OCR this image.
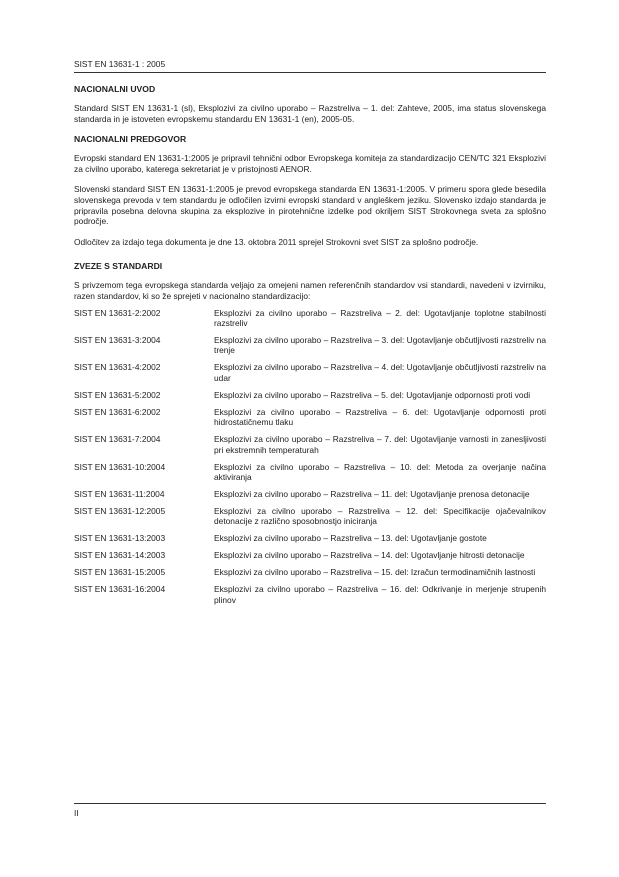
SIST EN 13631-1 : 2005
NACIONALNI UVOD

Standard SIST EN 13631-1 (sl), Eksplozivi za civilno uporabo – Razstreliva – 1. del: Zahteve, 2005, ima status slovenskega standarda in je istoveten evropskemu standardu EN 13631-1 (en), 2005-05.

NACIONALNI PREDGOVOR

Evropski standard EN 13631-1:2005 je pripravil tehnični odbor Evropskega komiteja za standardizacijo CEN/TC 321 Eksplozivi za civilno uporabo, katerega sekretariat je v pristojnosti AENOR.

Slovenski standard SIST EN 13631-1:2005 je prevod evropskega standarda EN 13631-1:2005. V primeru spora glede besedila slovenskega prevoda v tem standardu je odločilen izvirni evropski standard v angleškem jeziku. Slovensko izdajo standarda je pripravila posebna delovna skupina za eksplozive in pirotehnične izdelke pod okriljem SIST Strokovnega sveta za splošno področje.

Odločitev za izdajo tega dokumenta je dne 13. oktobra 2011 sprejel Strokovni svet SIST za splošno področje.

ZVEZE S STANDARDI

S privzemom tega evropskega standarda veljajo za omejeni namen referenčnih standardov vsi standardi, navedeni v izvirniku, razen standardov, ki so že sprejeti v nacionalno standardizacijo:

SIST EN 13631-2:2002	Eksplozivi za civilno uporabo – Razstreliva – 2. del: Ugotavljanje toplotne stabilnosti razstreliv
SIST EN 13631-3:2004	Eksplozivi za civilno uporabo – Razstreliva – 3. del: Ugotavljanje občutljivosti razstreliv na trenje
SIST EN 13631-4:2002	Eksplozivi za civilno uporabo – Razstreliva – 4. del: Ugotavljanje občutljivosti razstreliv na udar
SIST EN 13631-5:2002	Eksplozivi za civilno uporabo – Razstreliva – 5. del: Ugotavljanje odpornosti proti vodi
SIST EN 13631-6:2002	Eksplozivi za civilno uporabo – Razstreliva – 6. del: Ugotavljanje odpornosti proti hidrostatičnemu tlaku
SIST EN 13631-7:2004	Eksplozivi za civilno uporabo – Razstreliva – 7. del: Ugotavljanje varnosti in zanesljivosti pri ekstremnih temperaturah
SIST EN 13631-10:2004	Eksplozivi za civilno uporabo – Razstreliva – 10. del: Metoda za overjanje načina aktiviranja
SIST EN 13631-11:2004	Eksplozivi za civilno uporabo – Razstreliva – 11. del: Ugotavljanje prenosa detonacije
SIST EN 13631-12:2005	Eksplozivi za civilno uporabo – Razstreliva – 12. del: Specifikacije ojačevalnikov detonacije z različno sposobnostjo iniciranja
SIST EN 13631-13:2003	Eksplozivi za civilno uporabo – Razstreliva – 13. del: Ugotavljanje gostote
SIST EN 13631-14:2003	Eksplozivi za civilno uporabo – Razstreliva – 14. del: Ugotavljanje hitrosti detonacije
SIST EN 13631-15:2005	Eksplozivi za civilno uporabo – Razstreliva – 15. del: Izračun termodinamičnih lastnosti
SIST EN 13631-16:2004	Eksplozivi za civilno uporabo – Razstreliva – 16. del: Odkrivanje in merjenje strupenih plinov
II
